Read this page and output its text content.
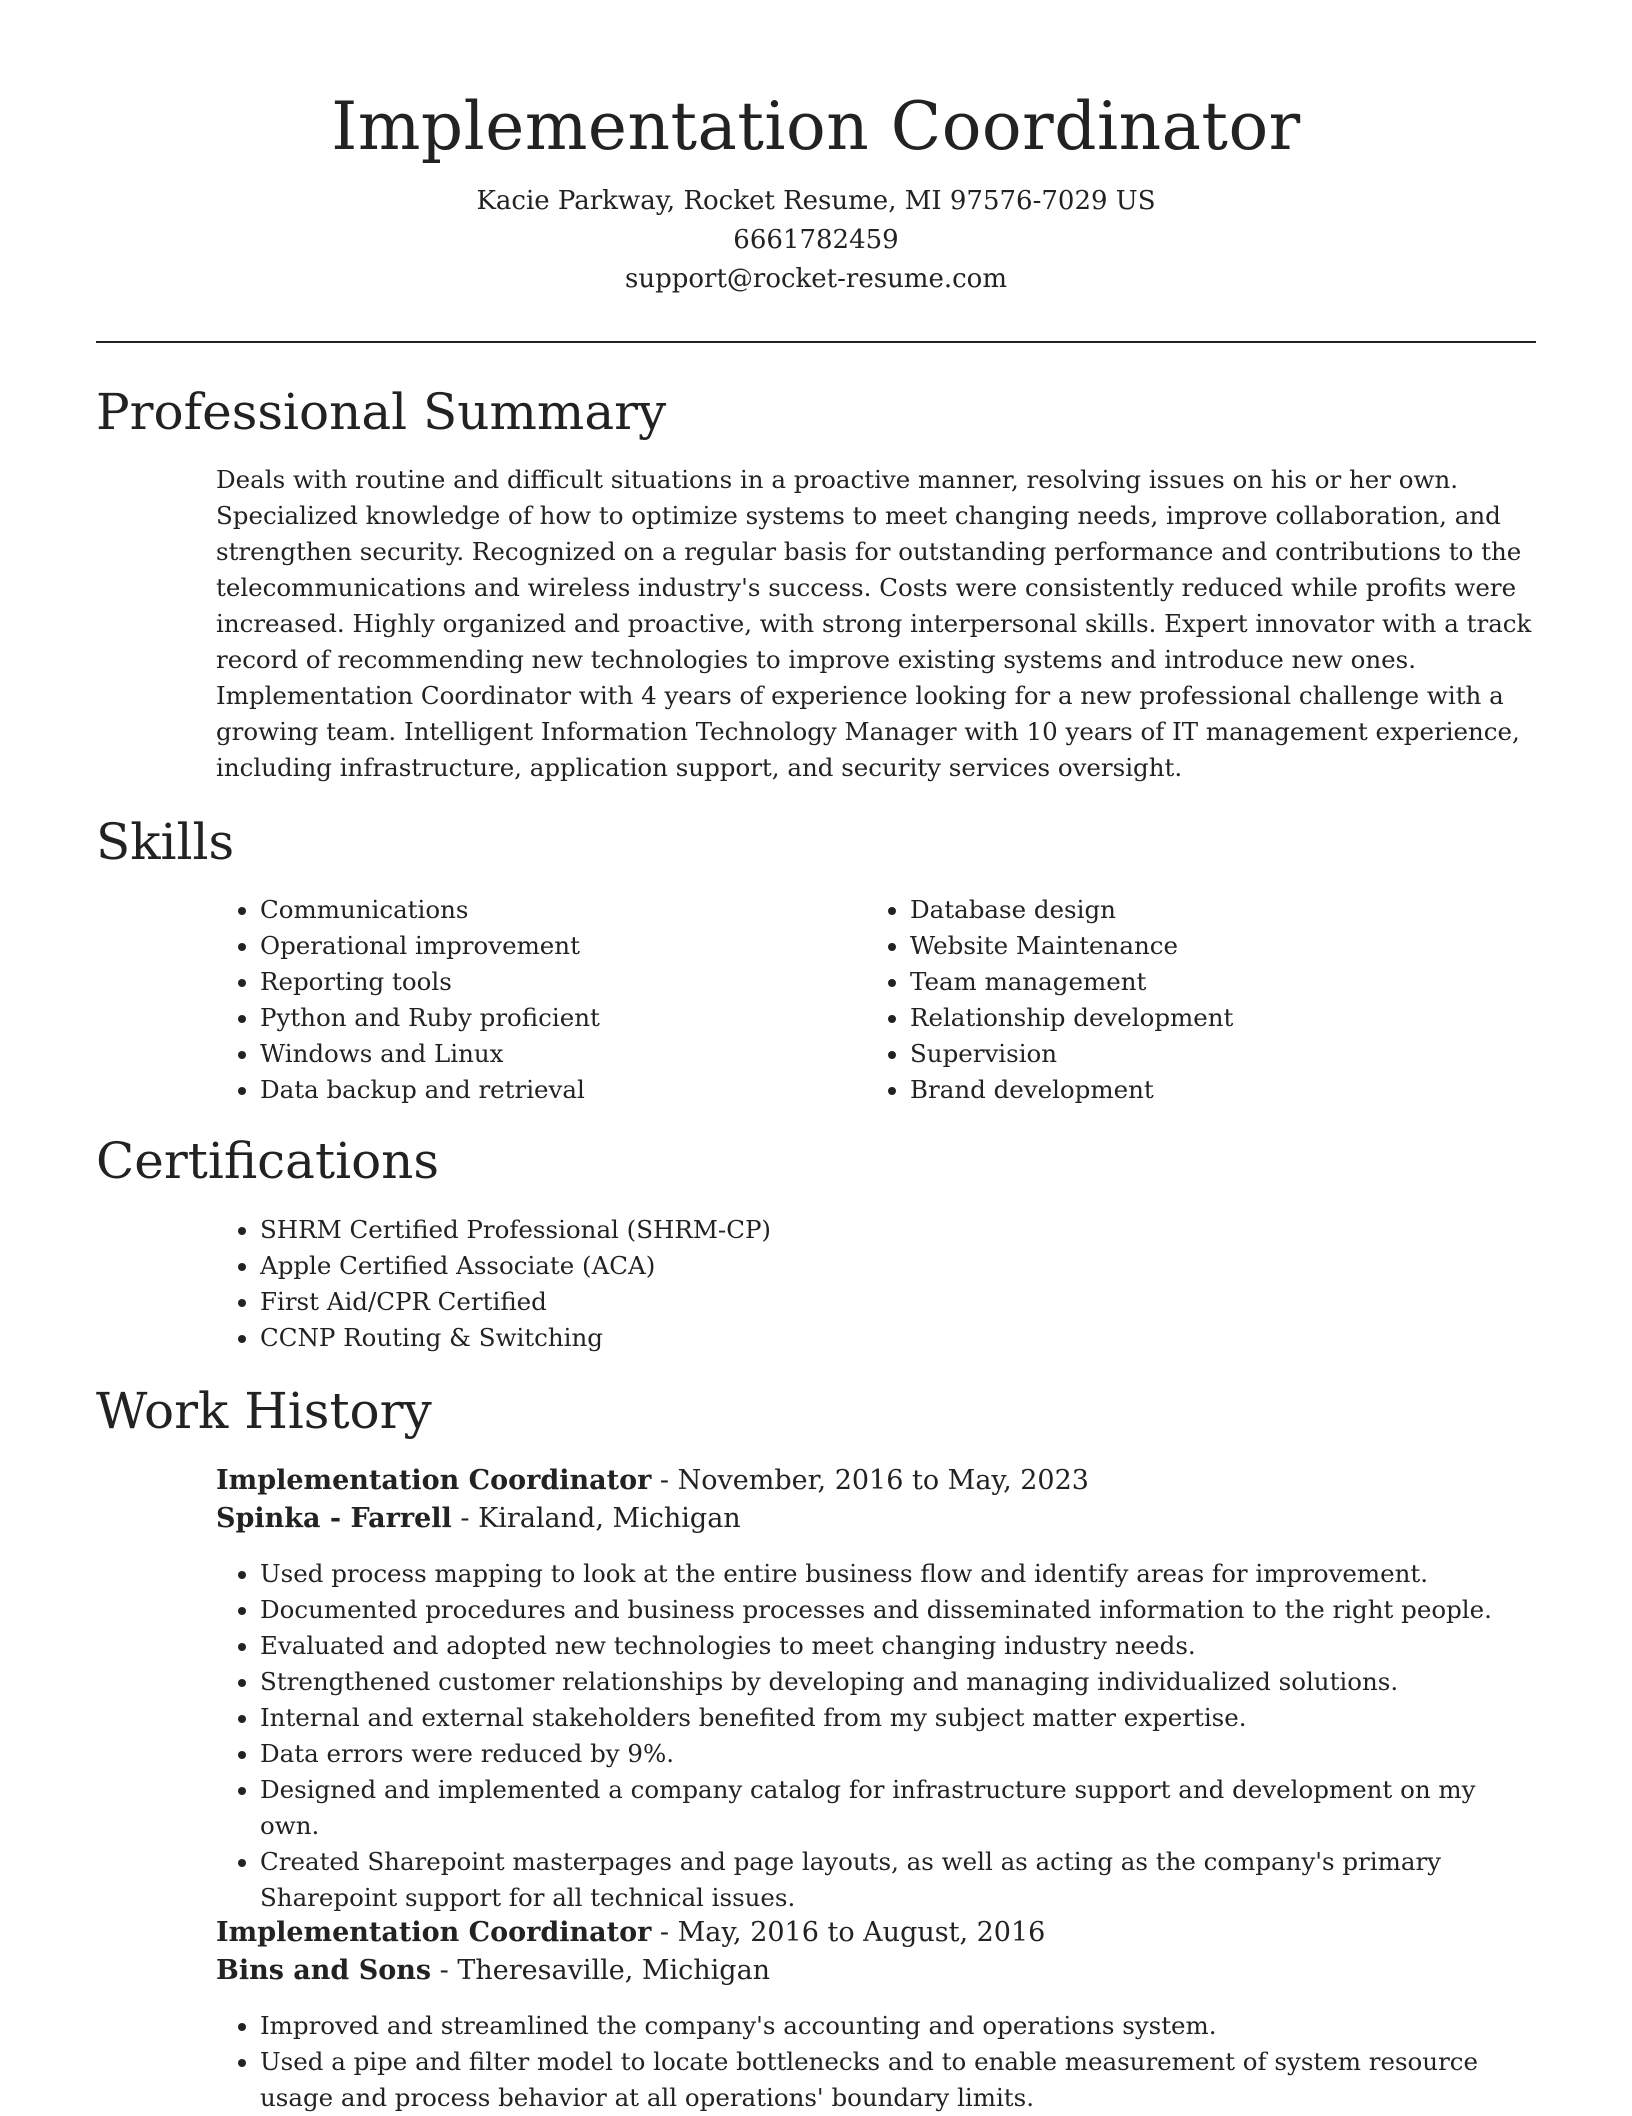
Implementation Coordinator
Kacie Parkway, Rocket Resume, MI 97576-7029 US
6661782459
support@rocket-resume.com
Professional Summary
Deals with routine and difficult situations in a proactive manner, resolving issues on his or her own. Specialized knowledge of how to optimize systems to meet changing needs, improve collaboration, and strengthen security. Recognized on a regular basis for outstanding performance and contributions to the telecommunications and wireless industry's success. Costs were consistently reduced while profits were increased. Highly organized and proactive, with strong interpersonal skills. Expert innovator with a track record of recommending new technologies to improve existing systems and introduce new ones. Implementation Coordinator with 4 years of experience looking for a new professional challenge with a growing team. Intelligent Information Technology Manager with 10 years of IT management experience, including infrastructure, application support, and security services oversight.
Skills
• Communications
• Operational improvement
• Reporting tools
• Python and Ruby proficient
• Windows and Linux
• Data backup and retrieval
• Database design
• Website Maintenance
• Team management
• Relationship development
• Supervision
• Brand development
Certifications
• SHRM Certified Professional (SHRM-CP)
• Apple Certified Associate (ACA)
• First Aid/CPR Certified
• CCNP Routing & Switching
Work History
Implementation Coordinator - November, 2016 to May, 2023
Spinka - Farrell - Kiraland, Michigan
• Used process mapping to look at the entire business flow and identify areas for improvement.
• Documented procedures and business processes and disseminated information to the right people.
• Evaluated and adopted new technologies to meet changing industry needs.
• Strengthened customer relationships by developing and managing individualized solutions.
• Internal and external stakeholders benefited from my subject matter expertise.
• Data errors were reduced by 9%.
• Designed and implemented a company catalog for infrastructure support and development on my own.
• Created Sharepoint masterpages and page layouts, as well as acting as the company's primary Sharepoint support for all technical issues.
Implementation Coordinator - May, 2016 to August, 2016
Bins and Sons - Theresaville, Michigan
• Improved and streamlined the company's accounting and operations system.
• Used a pipe and filter model to locate bottlenecks and to enable measurement of system resource usage and process behavior at all operations' boundary limits.
